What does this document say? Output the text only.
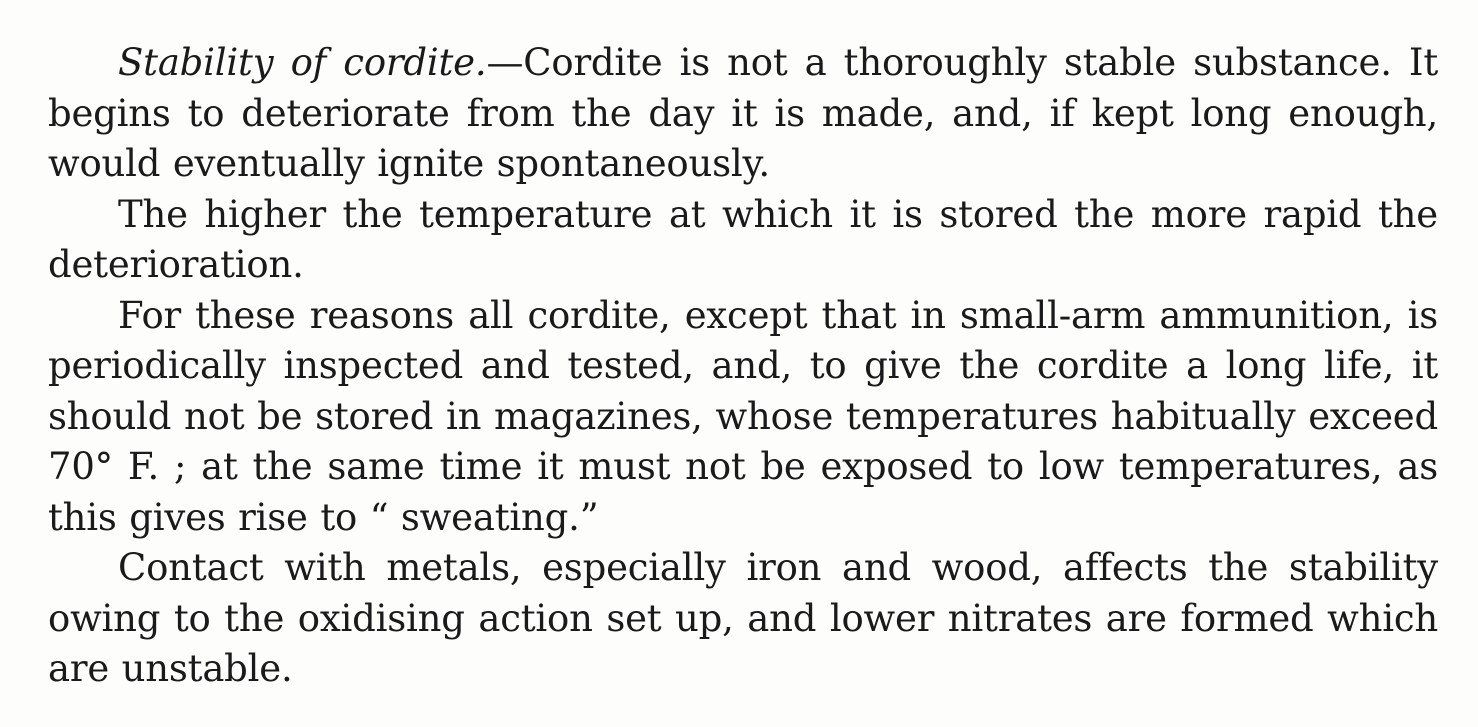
Stability of cordite.—Cordite is not a thoroughly stable substance. It begins to deteriorate from the day it is made, and, if kept long enough, would eventually ignite spontaneously.

The higher the temperature at which it is stored the more rapid the deterioration.

For these reasons all cordite, except that in small-arm ammunition, is periodically inspected and tested, and, to give the cordite a long life, it should not be stored in magazines, whose temperatures habitually exceed 70° F. ; at the same time it must not be exposed to low temperatures, as this gives rise to “ sweating.”

Contact with metals, especially iron and wood, affects the stability owing to the oxidising action set up, and lower nitrates are formed which are unstable.
